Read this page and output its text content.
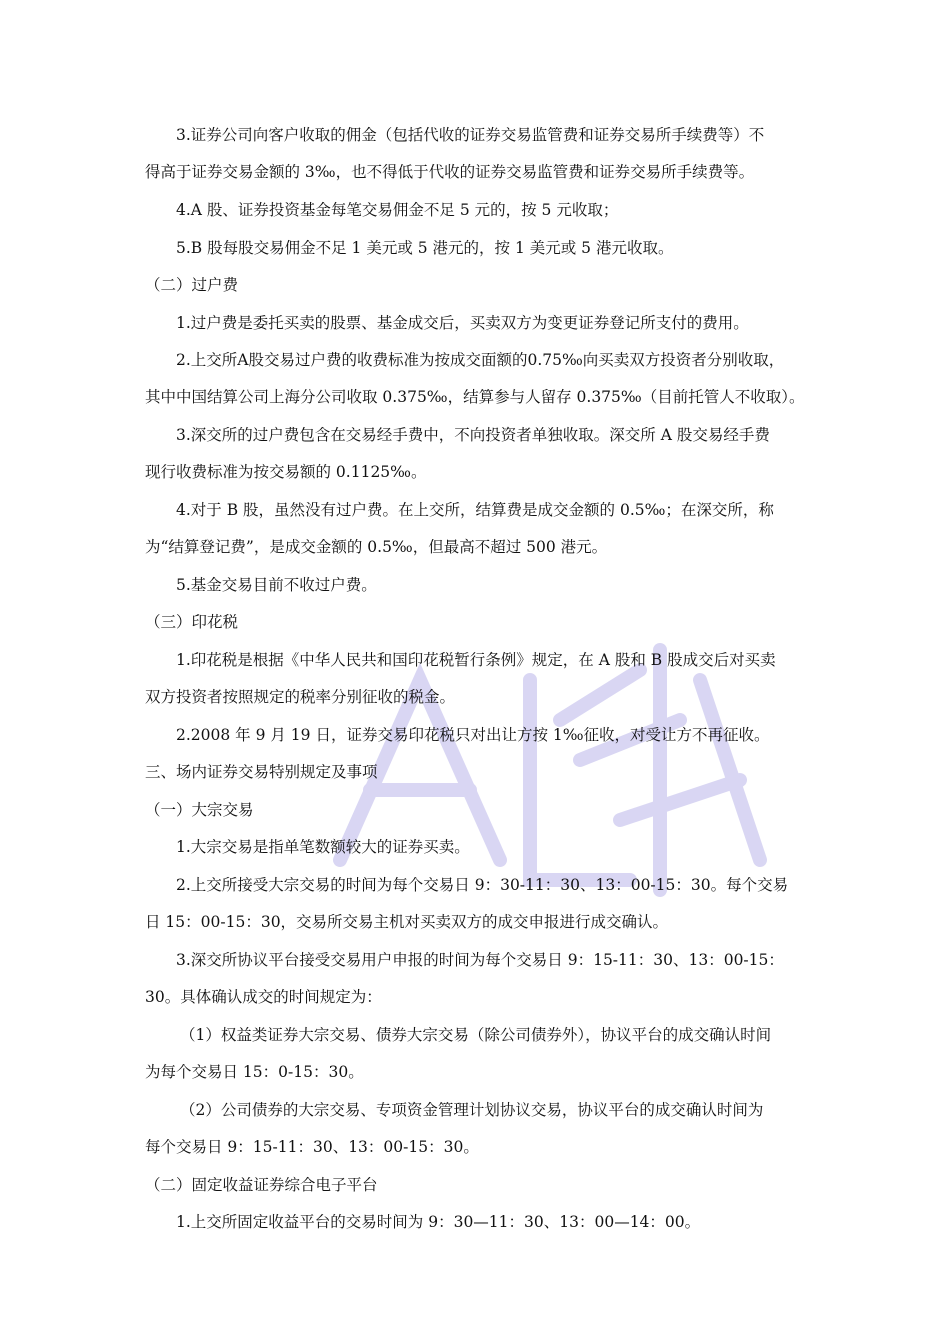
3.证券公司向客户收取的佣金（包括代收的证券交易监管费和证券交易所手续费等）不
得高于证券交易金额的 3‰，也不得低于代收的证券交易监管费和证券交易所手续费等。
4.A 股、证券投资基金每笔交易佣金不足 5 元的，按 5 元收取；
5.B 股每股交易佣金不足 1 美元或 5 港元的，按 1 美元或 5 港元收取。
（二）过户费
1.过户费是委托买卖的股票、基金成交后，买卖双方为变更证券登记所支付的费用。
2.上交所A股交易过户费的收费标准为按成交面额的0.75‰向买卖双方投资者分别收取，
其中中国结算公司上海分公司收取 0.375‰，结算参与人留存 0.375‰（目前托管人不收取）。
3.深交所的过户费包含在交易经手费中，不向投资者单独收取。深交所 A 股交易经手费
现行收费标准为按交易额的 0.1125‰。
4.对于 B 股，虽然没有过户费。在上交所，结算费是成交金额的 0.5‰；在深交所，称
为“结算登记费”，是成交金额的 0.5‰，但最高不超过 500 港元。
5.基金交易目前不收过户费。
（三）印花税
1.印花税是根据《中华人民共和国印花税暂行条例》规定，在 A 股和 B 股成交后对买卖
双方投资者按照规定的税率分别征收的税金。
2.2008 年 9 月 19 日，证券交易印花税只对出让方按 1‰征收，对受让方不再征收。
三、场内证券交易特别规定及事项
（一）大宗交易
1.大宗交易是指单笔数额较大的证券买卖。
2.上交所接受大宗交易的时间为每个交易日 9：30-11：30、13：00-15：30。每个交易
日 15：00-15：30，交易所交易主机对买卖双方的成交申报进行成交确认。
3.深交所协议平台接受交易用户申报的时间为每个交易日 9：15-11：30、13：00-15：
30。具体确认成交的时间规定为：
（1）权益类证券大宗交易、债券大宗交易（除公司债券外），协议平台的成交确认时间
为每个交易日 15：0-15：30。
（2）公司债券的大宗交易、专项资金管理计划协议交易，协议平台的成交确认时间为
每个交易日 9：15-11：30、13：00-15：30。
（二）固定收益证券综合电子平台
1.上交所固定收益平台的交易时间为 9：30—11：30、13：00—14：00。
